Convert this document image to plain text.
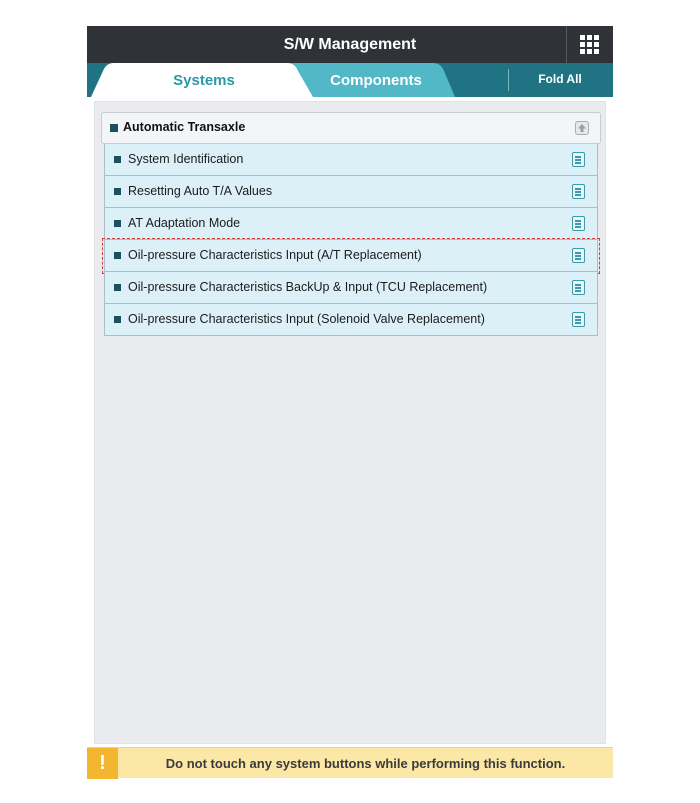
S/W Management
Components
Systems	Fold All
Automatic Transaxle
System Identification
Resetting Auto T/A Values
AT Adaptation Mode
Oil-pressure Characteristics Input (A/T Replacement)
Oil-pressure Characteristics BackUp & Input (TCU Replacement)
Oil-pressure Characteristics Input (Solenoid Valve Replacement)
!	Do not touch any system buttons while performing this function.
